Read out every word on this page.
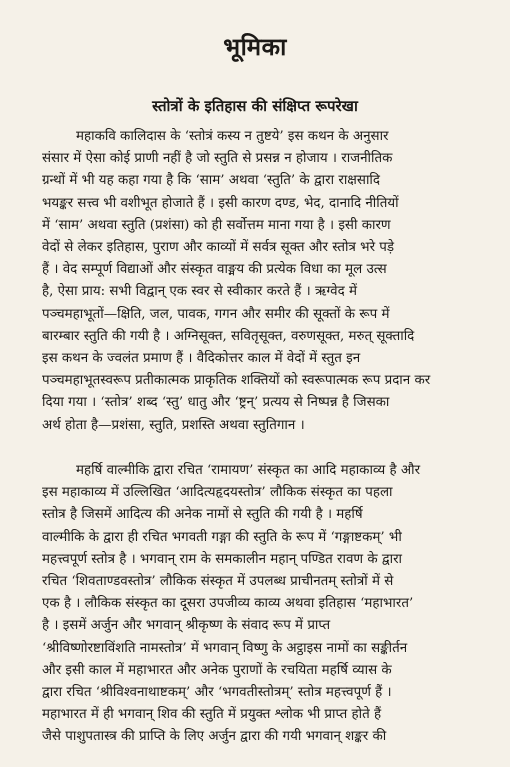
भूमिका
स्तोत्रों के इतिहास की संक्षिप्त रूपरेखा
महाकवि कालिदास के ‘स्तोत्रं कस्य न तुष्टये’ इस कथन के अनुसार
संसार में ऐसा कोई प्राणी नहीं है जो स्तुति से प्रसन्न न होजाय । राजनीतिक
ग्रन्थों में भी यह कहा गया है कि ‘साम’ अथवा ‘स्तुति’ के द्वारा राक्षसादि
भयङ्कर सत्त्व भी वशीभूत होजाते हैं । इसी कारण दण्ड, भेद, दानादि नीतियों
में ‘साम’ अथवा स्तुति (प्रशंसा) को ही सर्वोत्तम माना गया है । इसी कारण
वेदों से लेकर इतिहास, पुराण और काव्यों में सर्वत्र सूक्त और स्तोत्र भरे पड़े
हैं । वेद सम्पूर्ण विद्याओं और संस्कृत वाङ्मय की प्रत्येक विधा का मूल उत्स
है, ऐसा प्राय: सभी विद्वान् एक स्वर से स्वीकार करते हैं । ऋग्वेद में
पञ्चमहाभूतों—क्षिति, जल, पावक, गगन और समीर की सूक्तों के रूप में
बारम्बार स्तुति की गयी है । अग्निसूक्त, सवितृसूक्त, वरुणसूक्त, मरुत् सूक्तादि
इस कथन के ज्वलंत प्रमाण हैं । वैदिकोत्तर काल में वेदों में स्तुत इन
पञ्चमहाभूतस्वरूप प्रतीकात्मक प्राकृतिक शक्तियों को स्वरूपात्मक रूप प्रदान कर
दिया गया । ‘स्तोत्र’ शब्द ‘स्तु’ धातु और ‘ष्ट्रन्’ प्रत्यय से निष्पन्न है जिसका
अर्थ होता है—प्रशंसा, स्तुति, प्रशस्ति अथवा स्तुतिगान ।
महर्षि वाल्मीकि द्वारा रचित ‘रामायण’ संस्कृत का आदि महाकाव्य है और
इस महाकाव्य में उल्लिखित ‘आदित्यहृदयस्तोत्र’ लौकिक संस्कृत का पहला
स्तोत्र है जिसमें आदित्य की अनेक नामों से स्तुति की गयी है । महर्षि
वाल्मीकि के द्वारा ही रचित भगवती गङ्गा की स्तुति के रूप में ‘गङ्गाष्टकम्’ भी
महत्त्वपूर्ण स्तोत्र है । भगवान् राम के समकालीन महान् पण्डित रावण के द्वारा
रचित ‘शिवताण्डवस्तोत्र’ लौकिक संस्कृत में उपलब्ध प्राचीनतम् स्तोत्रों में से
एक है । लौकिक संस्कृत का दूसरा उपजीव्य काव्य अथवा इतिहास ‘महाभारत’
है । इसमें अर्जुन और भगवान् श्रीकृष्ण के संवाद रूप में प्राप्त
‘श्रीविष्णोरष्टाविंशति नामस्तोत्र’ में भगवान् विष्णु के अट्ठाइस नामों का सङ्कीर्तन
और इसी काल में महाभारत और अनेक पुराणों के रचयिता महर्षि व्यास के
द्वारा रचित ‘श्रीविश्वनाथाष्टकम्’ और ‘भगवतीस्तोत्रम्’ स्तोत्र महत्त्वपूर्ण हैं ।
महाभारत में ही भगवान् शिव की स्तुति में प्रयुक्त श्लोक भी प्राप्त होते हैं
जैसे पाशुपतास्त्र की प्राप्ति के लिए अर्जुन द्वारा की गयी भगवान् शङ्कर की
